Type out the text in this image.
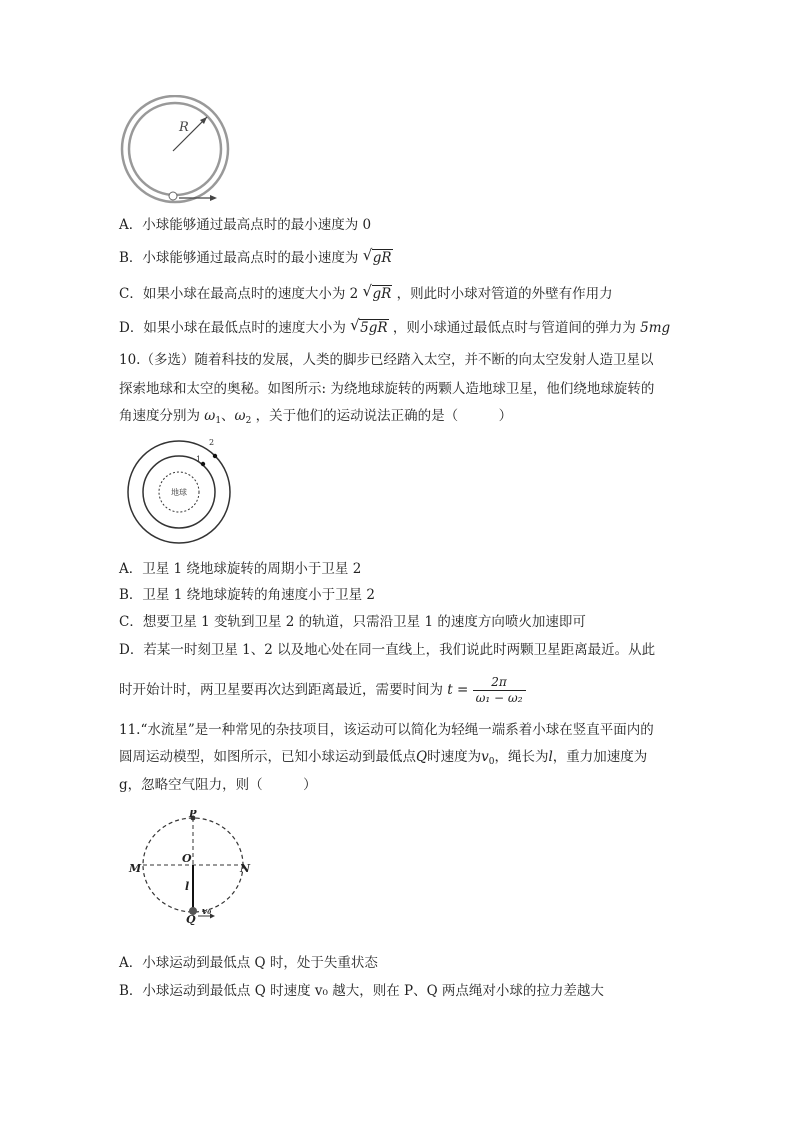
R
A．小球能够通过最高点时的最小速度为 0
B．小球能够通过最高点时的最小速度为 √ gR
C．如果小球在最高点时的速度大小为 2 √ gR ，则此时小球对管道的外壁有作用力
D．如果小球在最低点时的速度大小为 √ 5gR ，则小球通过最低点时与管道间的弹力为 5mg
10.（多选）随着科技的发展，人类的脚步已经踏入太空，并不断的向太空发射人造卫星以
探索地球和太空的奥秘。如图所示: 为绕地球旋转的两颗人造地球卫星，他们绕地球旋转的
角速度分别为 $\omega_1$、$\omega_2$ ，关于他们的运动说法正确的是（　　　）
地球
1
2
A．卫星 1 绕地球旋转的周期小于卫星 2
B．卫星 1 绕地球旋转的角速度小于卫星 2
C．想要卫星 1 变轨到卫星 2 的轨道，只需沿卫星 1 的速度方向喷火加速即可
D．若某一时刻卫星 1、2 以及地心处在同一直线上，我们说此时两颗卫星距离最近。从此
时开始计时，两卫星要再次达到距离最近，需要时间为 $t = \frac{2\pi}{\text{ω₁ − ω₂}}$
11.“水流星”是一种常见的杂技项目，该运动可以简化为轻绳一端系着小球在竖直平面内的
圆周运动模型，如图所示，已知小球运动到最低点Q时速度为$v_0$，绳长为l，重力加速度为
g，忽略空气阻力，则（　　　）
P
O
M	N
l
Q
v₀
A．小球运动到最低点 Q 时，处于失重状态
B．小球运动到最低点 Q 时速度 v₀ 越大，则在 P、Q 两点绳对小球的拉力差越大
